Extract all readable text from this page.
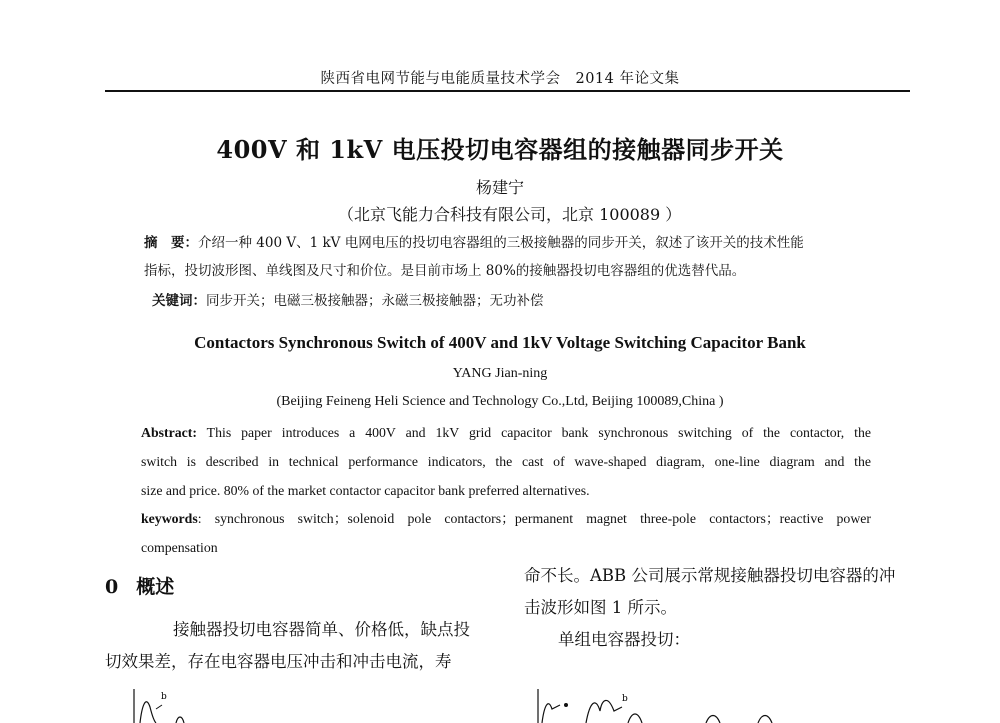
陕西省电网节能与电能质量技术学会　2014 年论文集
400V 和 1kV 电压投切电容器组的接触器同步开关
杨建宁
（北京飞能力合科技有限公司，北京 100089 ）
摘　要：介绍一种 400 V、1 kV 电网电压的投切电容器组的三极接触器的同步开关，叙述了该开关的技术性能
指标，投切波形图、单线图及尺寸和价位。是目前市场上 80%的接触器投切电容器组的优选替代品。
关键词：同步开关；电磁三极接触器；永磁三极接触器；无功补偿
Contactors Synchronous Switch of 400V and 1kV Voltage Switching Capacitor Bank
YANG Jian-ning
(Beijing Feineng Heli Science and Technology Co.,Ltd, Beijing 100089,China )
Abstract: This paper introduces a 400V and 1kV grid capacitor bank synchronous switching of the contactor, the
switch is described in technical performance indicators, the cast of wave-shaped diagram, one-line diagram and the
size and price. 80% of the market contactor capacitor bank preferred alternatives.
keywords: synchronous switch；solenoid pole contactors；permanent magnet three-pole contactors；reactive power
compensation
0 概述
接触器投切电容器简单、价格低，缺点投
切效果差，存在电容器电压冲击和冲击电流，寿
命不长。ABB 公司展示常规接触器投切电容器的冲
击波形如图 1 所示。
单组电容器投切：
b	b
